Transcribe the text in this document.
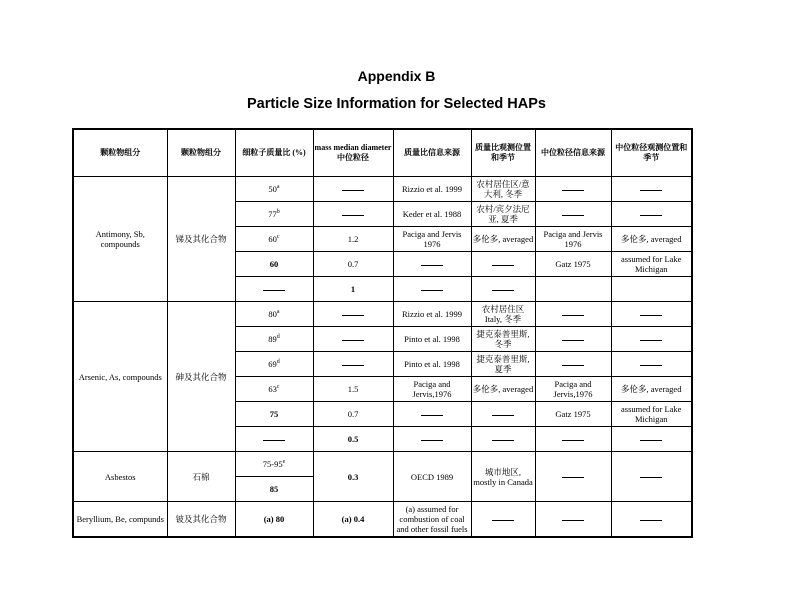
Appendix B
Particle Size Information for Selected HAPs
颗粒物组分	颗粒物组分	细粒子质量比 (%)	mass median diameter 中位粒径	质量比信息来源	质量比观测位置和季节	中位粒径信息来源	中位粒径观测位置和季节
Antimony, Sb, compounds	锑及其化合物	50$^a$		Rizzio et al. 1999	农村居住区/意大利, 冬季		
		77$^b$		Keder et al. 1988	农村/宾夕法尼亚, 夏季		
		60$^c$	1.2	Paciga and Jervis 1976	多伦多, averaged	Paciga and Jervis 1976	多伦多, averaged
		60	0.7			Gatz 1975	assumed for Lake Michigan
			1				
Arsenic, As, compounds	砷及其化合物	80$^a$		Rizzio et al. 1999	农村居住区 Italy, 冬季		
		89$^d$		Pinto et al. 1998	捷克泰普里斯, 冬季		
		69$^d$		Pinto et al. 1998	捷克泰普里斯, 夏季		
		63$^c$	1.5	Paciga and Jervis,1976	多伦多, averaged	Paciga and Jervis,1976	多伦多, averaged
		75	0.7			Gatz 1975	assumed for Lake Michigan
			0.5				
Asbestos	石棉	75-95e	0.3	OECD 1989	城市地区, mostly in Canada		
		85					
Beryllium, Be, compunds	铍及其化合物	(a) 80	(a) 0.4	(a) assumed for combustion of coal and other fossil fuels			
